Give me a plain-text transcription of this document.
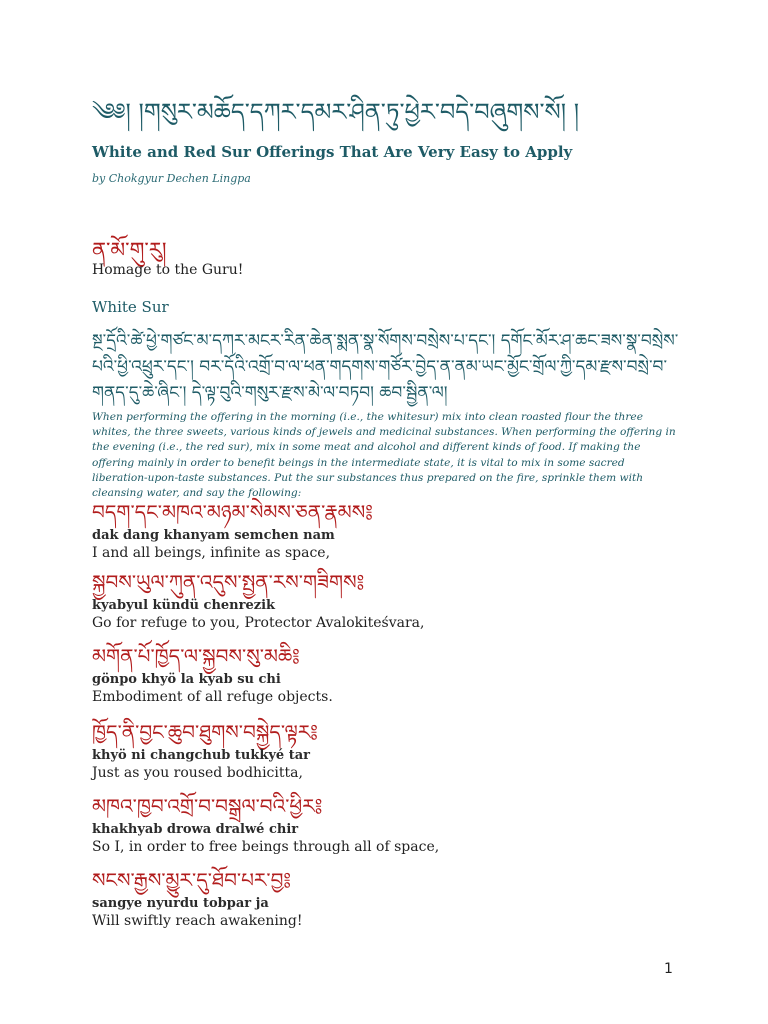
༄༅། །གསུར་མཆོད་དཀར་དམར་ཤིན་ཏུ་ཕྱེར་བདེ་བཞུགས་སོ། །
White and Red Sur Offerings That Are Very Easy to Apply
by Chokgyur Dechen Lingpa
ན་མོ་གུ་རུ།
Homage to the Guru!
White Sur
སྔ་དྲོའི་ཚེ་ཕྱེ་གཙང་མ་དཀར་མངར་རིན་ཆེན་སྨན་སྣ་སོགས་བསྲེས་པ་དང་། དགོང་མོར་ཤ་ཆང་ཟས་སྣ་བསྲེས་པའི་ཕྱི་འཕྲུར་དང་། བར་དོའི་འགྲོ་བ་ལ་ཕན་གདགས་གཙོར་བྱེད་ན་ནམ་ཡང་མྱོང་གྲོལ་ཀྱི་དམ་རྫས་བསྲེ་བ་གནད་དུ་ཆེ་ཞིང་། དེ་ལྟ་བུའི་གསུར་རྫས་མེ་ལ་བཏབ། ཆབ་སྦྱིན་ལ།
When performing the offering in the morning (i.e., the whitesur) mix into clean roasted flour the three whites, the three sweets, various kinds of jewels and medicinal substances. When performing the offering in the evening (i.e., the red sur), mix in some meat and alcohol and different kinds of food. If making the offering mainly in order to benefit beings in the intermediate state, it is vital to mix in some sacred liberation-upon-taste substances. Put the sur substances thus prepared on the fire, sprinkle them with cleansing water, and say the following:
བདག་དང་མཁའ་མཉམ་སེམས་ཅན་རྣམས༔
dak dang khanyam semchen nam
I and all beings, infinite as space,
སྐྱབས་ཡུལ་ཀུན་འདུས་སྤྱན་རས་གཟིགས༔
kyabyul kündü chenrezik
Go for refuge to you, Protector Avalokiteśvara,
མགོན་པོ་ཁྱོད་ལ་སྐྱབས་སུ་མཆི༔
gönpo khyö la kyab su chi
Embodiment of all refuge objects.
ཁྱོད་ནི་བྱང་ཆུབ་ཐུགས་བསྐྱེད་ལྟར༔
khyö ni changchub tukkyé tar
Just as you roused bodhicitta,
མཁའ་ཁྱབ་འགྲོ་བ་བསྒྲལ་བའི་ཕྱིར༔
khakhyab drowa dralwé chir
So I, in order to free beings through all of space,
སངས་རྒྱས་མྱུར་དུ་ཐོབ་པར་བྱ༔
sangye nyurdu tobpar ja
Will swiftly reach awakening!
1
